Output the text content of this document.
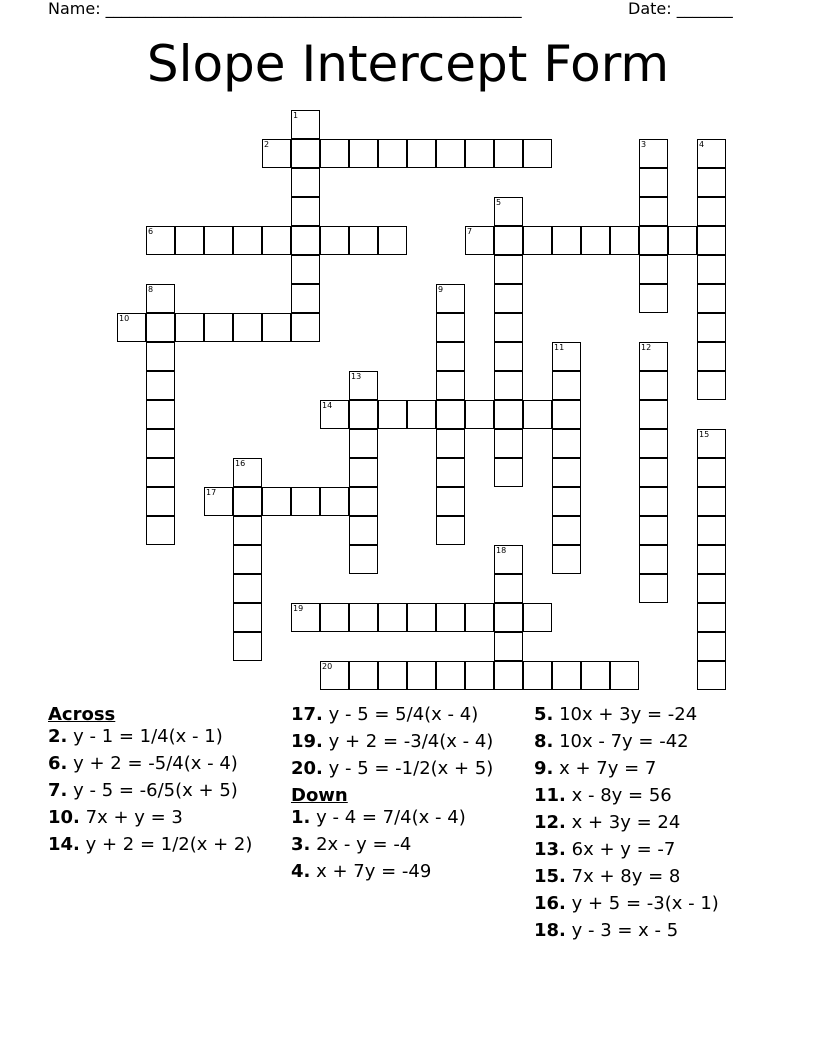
Name: ____________________________________________________	Date: _______
Slope Intercept Form
1
2	3	4
5
6	7
8	9
10
11	12
13
14
15
16
17
18
19
20
Across
2. y - 1 = 1/4(x - 1)
6. y + 2 = -5/4(x - 4)
7. y - 5 = -6/5(x + 5)
10. 7x + y = 3
14. y + 2 = 1/2(x + 2)
17. y - 5 = 5/4(x - 4)
19. y + 2 = -3/4(x - 4)
20. y - 5 = -1/2(x + 5)
Down
1. y - 4 = 7/4(x - 4)
3. 2x - y = -4
4. x + 7y = -49
5. 10x + 3y = -24
8. 10x - 7y = -42
9. x + 7y = 7
11. x - 8y = 56
12. x + 3y = 24
13. 6x + y = -7
15. 7x + 8y = 8
16. y + 5 = -3(x - 1)
18. y - 3 = x - 5
